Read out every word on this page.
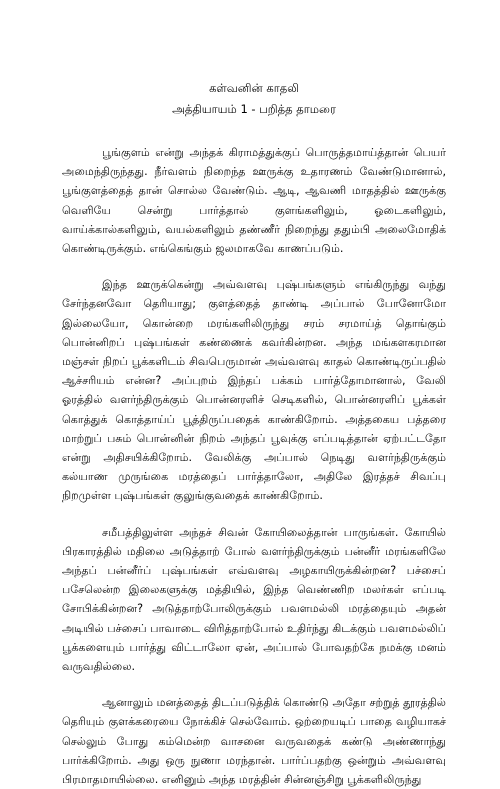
கள்வனின் காதலி

அத்தியாயம் 1 - பறித்த தாமரை

பூங்குளம் என்று அந்தக் கிராமத்துக்குப் பொருத்தமாய்த்தான் பெயர் அமைந்திருந்தது. நீர்வளம் நிறைந்த ஊருக்கு உதாரணம் வேண்டுமானால், பூங்குளத்தைத் தான் சொல்ல வேண்டும். ஆடி, ஆவணி மாதத்தில் ஊருக்கு வெளியே சென்று பார்த்தால் குளங்களிலும், ஓடைகளிலும், வாய்க்கால்களிலும், வயல்களிலும் தண்ணீர் நிறைந்து ததும்பி அலைமோதிக் கொண்டிருக்கும். எங்கெங்கும் ஜலமாகவே காணப்படும்.

இந்த ஊருக்கென்று அவ்வளவு புஷ்பங்களும் எங்கிருந்து வந்து சேர்ந்தனவோ தெரியாது; குளத்தைத் தாண்டி அப்பால் போனோமோ இல்லையோ, கொன்றை மரங்களிலிருந்து சரம் சரமாய்த் தொங்கும் பொன்னிறப் புஷ்பங்கள் கண்ணைக் கவர்கின்றன. அந்த மங்களகரமான மஞ்சள் நிறப் பூக்களிடம் சிவபெருமான் அவ்வளவு காதல் கொண்டிருப்பதில் ஆச்சரியம் என்ன? அப்புறம் இந்தப் பக்கம் பார்த்தோமானால், வேலி ஓரத்தில் வளர்ந்திருக்கும் பொன்னரளிச் செடிகளில், பொன்னரளிப் பூக்கள் கொத்துக் கொத்தாய்ப் பூத்திருப்பதைக் காண்கிறோம். அத்தகைய பத்தரை மாற்றுப் பசும் பொன்னின் நிறம் அந்தப் பூவுக்கு எப்படித்தான் ஏற்பட்டதோ என்று அதிசயிக்கிறோம். வேலிக்கு அப்பால் நெடிது வளர்ந்திருக்கும் கல்யாண முருங்கை மரத்தைப் பார்த்தாலோ, அதிலே இரத்தச் சிவப்பு நிறமுள்ள புஷ்பங்கள் குலுங்குவதைக் காண்கிறோம்.

சமீபத்திலுள்ள அந்தச் சிவன் கோயிலைத்தான் பாருங்கள். கோயில் பிரகாரத்தில் மதிலை அடுத்தாற் போல் வளர்ந்திருக்கும் பன்னீர் மரங்களிலே அந்தப் பன்னீர்ப் புஷ்பங்கள் எவ்வளவு அழகாயிருக்கின்றன? பச்சைப் பசேலென்ற இலைகளுக்கு மத்தியில், இந்த வெண்ணிற மலர்கள் எப்படி சோபிக்கின்றன? அடுத்தாற்போலிருக்கும் பவளமல்லி மரத்தையும் அதன் அடியில் பச்சைப் பாவாடை விரித்தாற்போல் உதிர்ந்து கிடக்கும் பவளமல்லிப் பூக்களையும் பார்த்து விட்டாலோ ஏன், அப்பால் போவதற்கே நமக்கு மனம் வருவதில்லை.

ஆனாலும் மனத்தைத் திடப்படுத்திக் கொண்டு அதோ சற்றுத் தூரத்தில் தெரியும் குளக்கரையை நோக்கிச் செல்வோம். ஒற்றையடிப் பாதை வழியாகச் செல்லும் போது கம்மென்ற வாசனை வருவதைக் கண்டு அண்ணாந்து பார்க்கிறோம். அது ஒரு நுணா மரந்தான். பார்ப்பதற்கு ஒன்றும் அவ்வளவு பிரமாதமாயில்லை. எனினும் அந்த மரத்தின் சின்னஞ்சிறு பூக்களிலிருந்து
